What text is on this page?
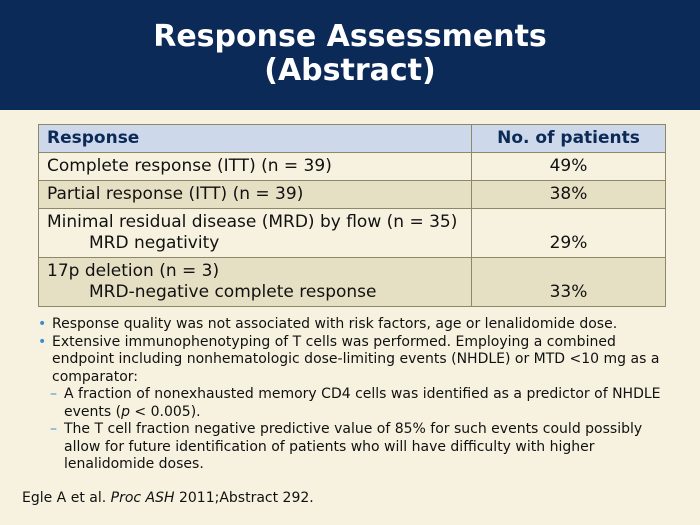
Response Assessments
(Abstract)
Response	No. of patients
Complete response (ITT) (n = 39)	49%
Partial response (ITT) (n = 39)	38%
Minimal residual disease (MRD) by flow (n = 35)
MRD negativity	29%
17p deletion (n = 3)
MRD-negative complete response	33%
• Response quality was not associated with risk factors, age or lenalidomide dose.
• Extensive immunophenotyping of T cells was performed. Employing a combined endpoint including nonhematologic dose-limiting events (NHDLE) or MTD <10 mg as a comparator:
– A fraction of nonexhausted memory CD4 cells was identified as a predictor of NHDLE events (p < 0.005).
– The T cell fraction negative predictive value of 85% for such events could possibly allow for future identification of patients who will have difficulty with higher lenalidomide doses.
Egle A et al. Proc ASH 2011;Abstract 292.
